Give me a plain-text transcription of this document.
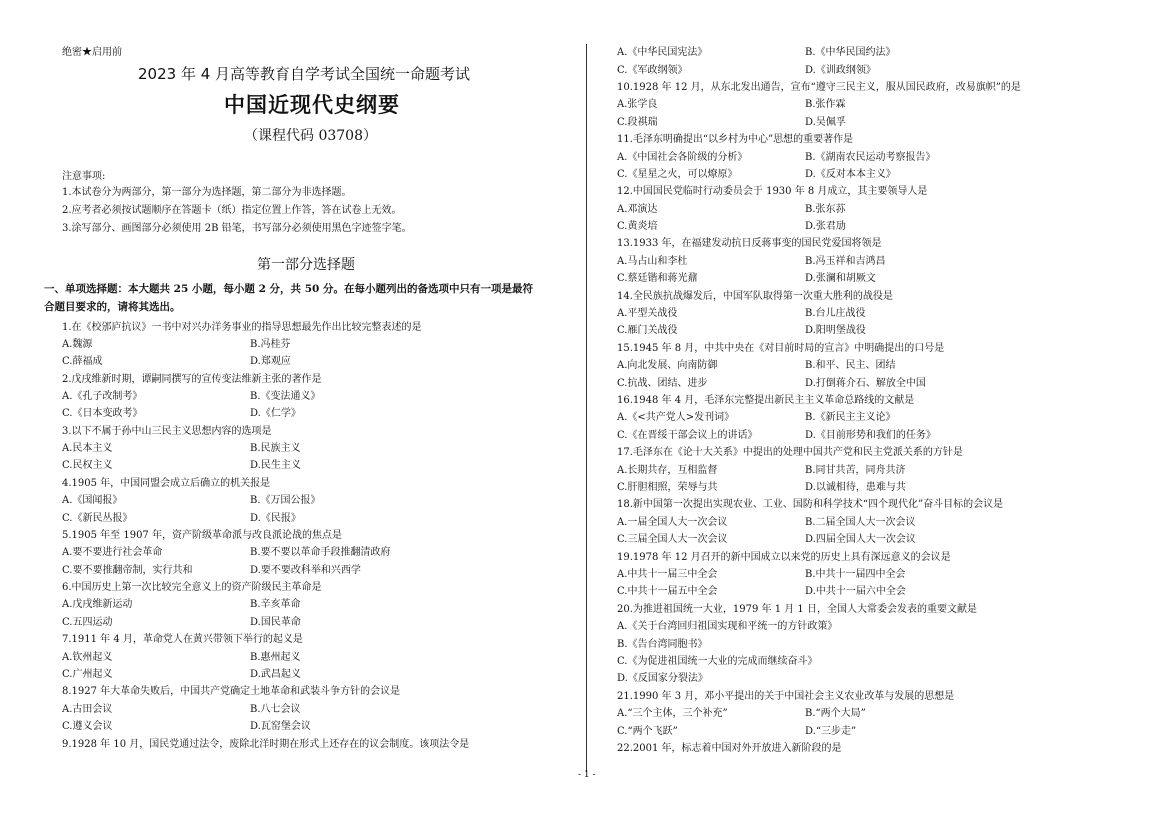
绝密★启用前
2023 年 4 月高等教育自学考试全国统一命题考试
中国近现代史纲要
（课程代码 03708）
注意事项:
1.本试卷分为两部分，第一部分为选择题，第二部分为非选择题。
2.应考者必须按试题顺序在答题卡（纸）指定位置上作答，答在试卷上无效。
3.涂写部分、画图部分必须使用 2B 铅笔，书写部分必须使用黑色字迹签字笔。
第一部分选择题
一、单项选择题：本大题共 25 小题，每小题 2 分，共 50 分。在每小题列出的备选项中只有一项是最符
合题目要求的，请将其选出。
1.在《校邠庐抗议》一书中对兴办洋务事业的指导思想最先作出比较完整表述的是
A.魏源	B.冯桂芬
C.薛福成	D.郑观应
2.戊戌维新时期，谭嗣同撰写的宣传变法维新主张的著作是
A.《孔子改制考》	B.《变法通义》
C.《日本变政考》	D.《仁学》
3.以下不属于孙中山三民主义思想内容的选项是
A.民本主义	B.民族主义
C.民权主义	D.民生主义
4.1905 年，中国同盟会成立后确立的机关报是
A.《国闻报》	B.《万国公报》
C.《新民丛报》	D.《民报》
5.1905 年至 1907 年，资产阶级革命派与改良派论战的焦点是
A.要不要进行社会革命	B.要不要以革命手段推翻清政府
C.要不要推翻帝制，实行共和	D.要不要改科举和兴西学
6.中国历史上第一次比较完全意义上的资产阶级民主革命是
A.戊戌维新运动	B.辛亥革命
C.五四运动	D.国民革命
7.1911 年 4 月，革命党人在黄兴带领下举行的起义是
A.钦州起义	B.惠州起义
C.广州起义	D.武昌起义
8.1927 年大革命失败后，中国共产党确定土地革命和武装斗争方针的会议是
A.古田会议	B.八七会议
C.遵义会议	D.瓦窑堡会议
9.1928 年 10 月，国民党通过法令，废除北洋时期在形式上还存在的议会制度。该项法令是
A.《中华民国宪法》	B.《中华民国约法》
C.《军政纲领》	D.《训政纲领》
10.1928 年 12 月，从东北发出通告，宣布“遵守三民主义，服从国民政府，改易旗帜”的是
A.张学良	B.张作霖
C.段祺瑞	D.吴佩孚
11.毛泽东明确提出“以乡村为中心”思想的重要著作是
A.《中国社会各阶级的分析》	B.《湖南农民运动考察报告》
C.《星星之火，可以燎原》	D.《反对本本主义》
12.中国国民党临时行动委员会于 1930 年 8 月成立，其主要领导人是
A.邓演达	B.张东荪
C.黄炎培	D.张君劢
13.1933 年，在福建发动抗日反蒋事变的国民党爱国将领是
A.马占山和李杜	B.冯玉祥和吉鸿昌
C.蔡廷锴和蒋光鼐	D.张澜和胡厥文
14.全民族抗战爆发后，中国军队取得第一次重大胜利的战役是
A.平型关战役	B.台儿庄战役
C.雁门关战役	D.阳明堡战役
15.1945 年 8 月，中共中央在《对目前时局的宣言》中明确提出的口号是
A.向北发展、向南防御	B.和平、民主、团结
C.抗战、团结、进步	D.打倒蒋介石、解放全中国
16.1948 年 4 月，毛泽东完整提出新民主主义革命总路线的文献是
A.《<共产党人>发刊词》	B.《新民主主义论》
C.《在晋绥干部会议上的讲话》	D.《目前形势和我们的任务》
17.毛泽东在《论十大关系》中提出的处理中国共产党和民主党派关系的方针是
A.长期共存，互相监督	B.同甘共苦，同舟共济
C.肝胆相照，荣辱与共	D.以诚相待，患难与共
18.新中国第一次提出实现农业、工业、国防和科学技术“四个现代化”奋斗目标的会议是
A.一届全国人大一次会议	B.二届全国人大一次会议
C.三届全国人大一次会议	D.四届全国人大一次会议
19.1978 年 12 月召开的新中国成立以来党的历史上具有深远意义的会议是
A.中共十一届三中全会	B.中共十一届四中全会
C.中共十一届五中全会	D.中共十一届六中全会
20.为推进祖国统一大业，1979 年 1 月 1 日，全国人大常委会发表的重要文献是
A.《关于台湾回归祖国实现和平统一的方针政策》
B.《告台湾同胞书》
C.《为促进祖国统一大业的完成而继续奋斗》
D.《反国家分裂法》
21.1990 年 3 月，邓小平提出的关于中国社会主义农业改革与发展的思想是
A.“三个主体，三个补充”	B.“两个大局”
C.“两个飞跃”	D.“三步走”
22.2001 年，标志着中国对外开放进入新阶段的是
- 1 -
